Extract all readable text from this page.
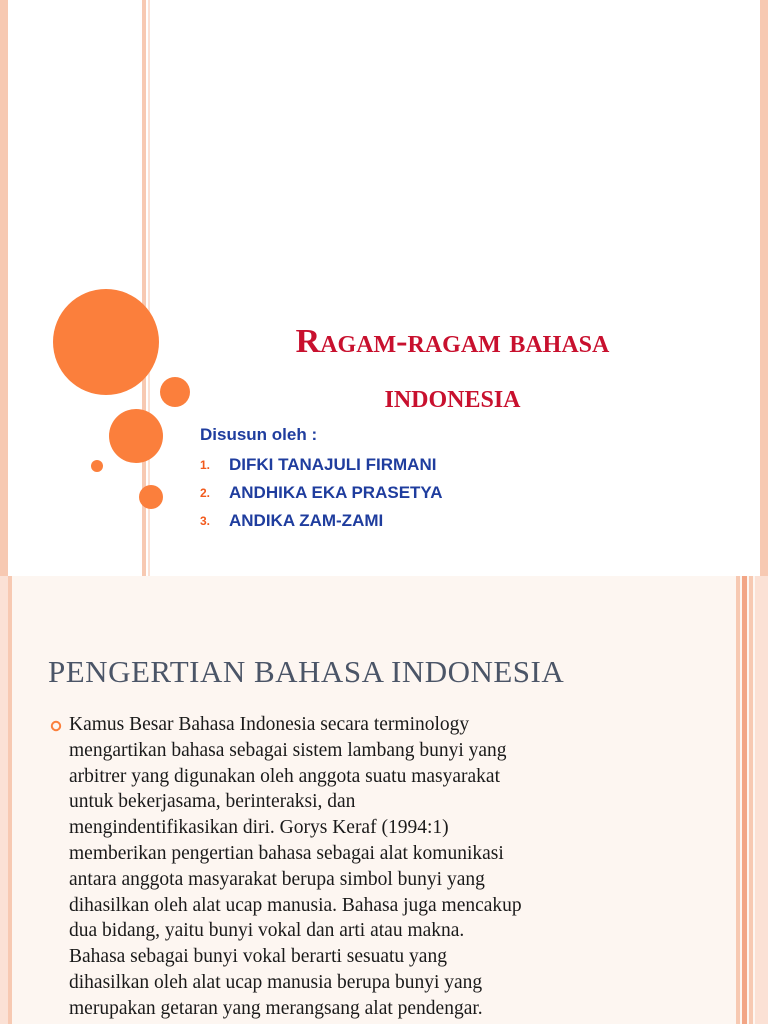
Ragam-ragam bahasa
indonesia

Disusun oleh :

1.	DIFKI TANAJULI FIRMANI
2.	ANDHIKA EKA PRASETYA
3.	ANDIKA ZAM-ZAMI
PENGERTIAN BAHASA INDONESIA

Kamus Besar Bahasa Indonesia secara terminology
mengartikan bahasa sebagai sistem lambang bunyi yang
arbitrer yang digunakan oleh anggota suatu masyarakat
untuk bekerjasama, berinteraksi, dan
mengindentifikasikan diri. Gorys Keraf (1994:1)
memberikan pengertian bahasa sebagai alat komunikasi
antara anggota masyarakat berupa simbol bunyi yang
dihasilkan oleh alat ucap manusia. Bahasa juga mencakup
dua bidang, yaitu bunyi vokal dan arti atau makna.
Bahasa sebagai bunyi vokal berarti sesuatu yang
dihasilkan oleh alat ucap manusia berupa bunyi yang
merupakan getaran yang merangsang alat pendengar.
